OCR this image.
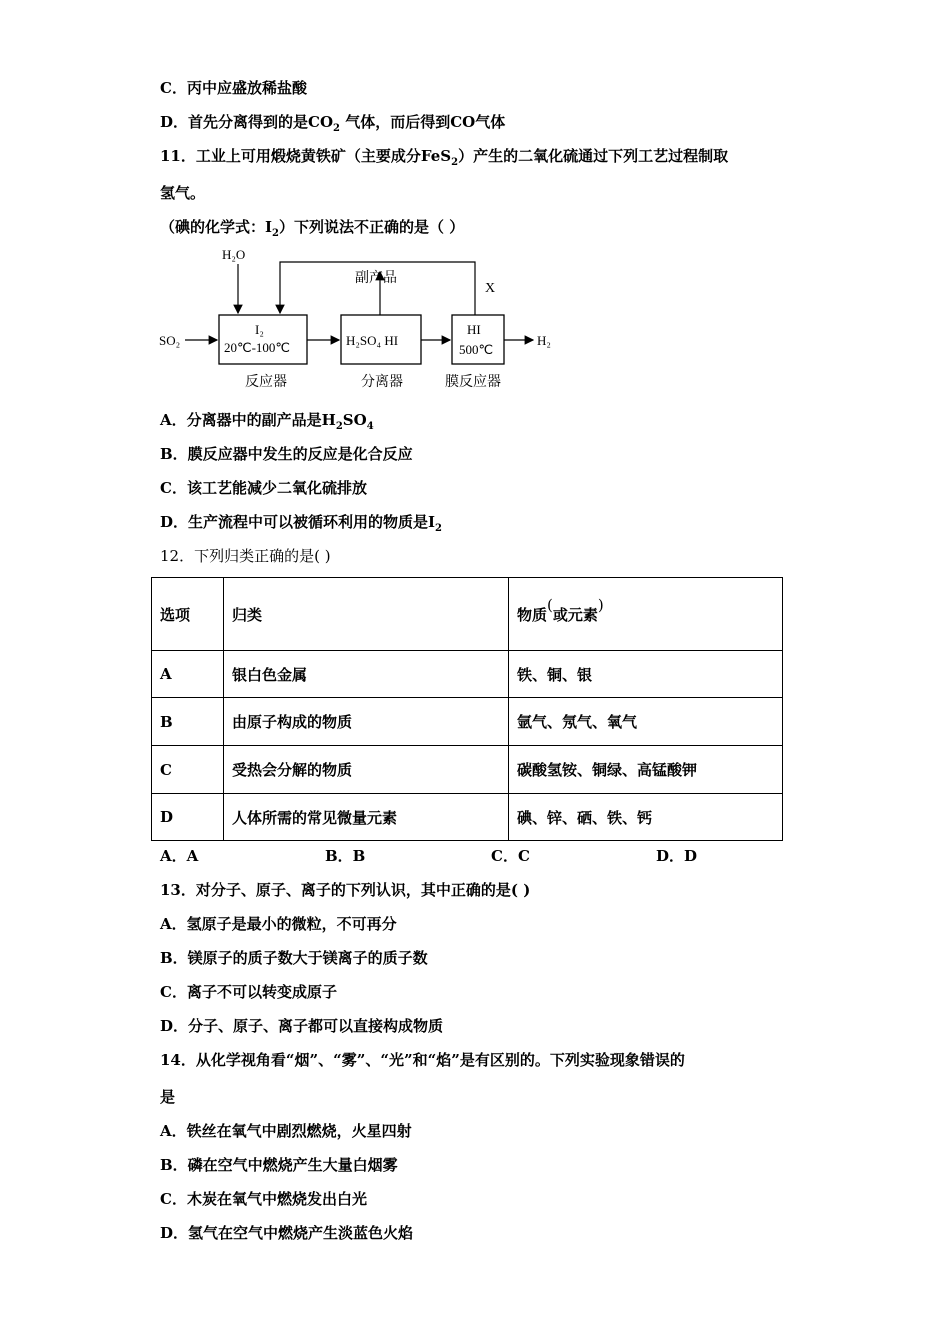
C．丙中应盛放稀盐酸
D．首先分离得到的是$CO_2$ 气体，而后得到CO气体
11．工业上可用煅烧黄铁矿（主要成分FeS$_2$）产生的二氧化硫通过下列工艺过程制取
氢气。
（碘的化学式：$I_2$）下列说法不正确的是（ ）
H₂O
SO₂
副产品
X
I₂
20℃-100℃	H₂SO₄ HI
HI
500℃
H₂
反应器	分离器	膜反应器
A．分离器中的副产品是$H_2SO_4$
B．膜反应器中发生的反应是化合反应
C．该工艺能减少二氧化硫排放
D．生产流程中可以被循环利用的物质是$I_2$
12．下列归类正确的是( )
选项	归类	物质(或元素)
A	银白色金属	铁、铜、银
B	由原子构成的物质	氩气、氖气、氧气
C	受热会分解的物质	碳酸氢铵、铜绿、高锰酸钾
D	人体所需的常见微量元素	碘、锌、硒、铁、钙
A．A	B．B	C．C	D．D
13．对分子、原子、离子的下列认识，其中正确的是( )
A．氢原子是最小的微粒，不可再分
B．镁原子的质子数大于镁离子的质子数
C．离子不可以转变成原子
D．分子、原子、离子都可以直接构成物质
14．从化学视角看“烟”、“雾”、“光”和“焰”是有区别的。下列实验现象错误的
是
A．铁丝在氧气中剧烈燃烧，火星四射
B．磷在空气中燃烧产生大量白烟雾
C．木炭在氧气中燃烧发出白光
D．氢气在空气中燃烧产生淡蓝色火焰
